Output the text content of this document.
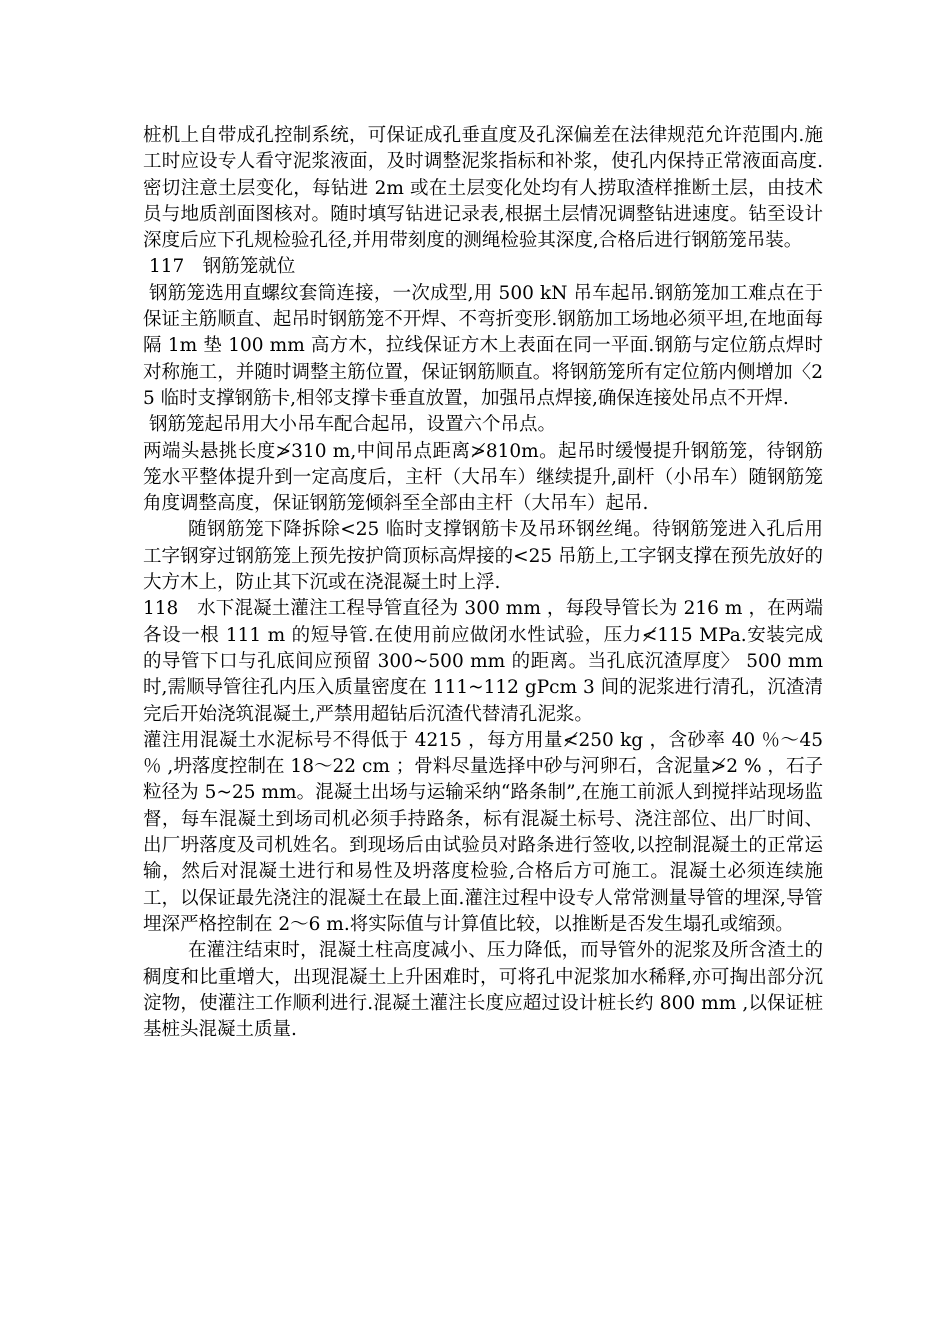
桩机上自带成孔控制系统，可保证成孔垂直度及孔深偏差在法律规范允许范围内.施工时应设专人看守泥浆液面，及时调整泥浆指标和补浆，使孔内保持正常液面高度.密切注意土层变化，每钻进 2m 或在土层变化处均有人捞取渣样推断土层，由技术员与地质剖面图核对。随时填写钻进记录表,根据土层情况调整钻进速度。钻至设计深度后应下孔规检验孔径,并用带刻度的测绳检验其深度,合格后进行钢筋笼吊装。

117　钢筋笼就位

钢筋笼选用直螺纹套筒连接，一次成型,用 500 kN 吊车起吊.钢筋笼加工难点在于保证主筋顺直、起吊时钢筋笼不开焊、不弯折变形.钢筋加工场地必须平坦,在地面每隔 1m 垫 100 mm 高方木，拉线保证方木上表面在同一平面.钢筋与定位筋点焊时对称施工，并随时调整主筋位置，保证钢筋顺直。将钢筋笼所有定位筋内侧增加〈25 临时支撑钢筋卡,相邻支撑卡垂直放置，加强吊点焊接,确保连接处吊点不开焊.

钢筋笼起吊用大小吊车配合起吊，设置六个吊点。

两端头悬挑长度≯310 m,中间吊点距离≯810m。起吊时缓慢提升钢筋笼，待钢筋笼水平整体提升到一定高度后，主杆（大吊车）继续提升,副杆（小吊车）随钢筋笼角度调整高度，保证钢筋笼倾斜至全部由主杆（大吊车）起吊.

随钢筋笼下降拆除<25 临时支撑钢筋卡及吊环钢丝绳。待钢筋笼进入孔后用工字钢穿过钢筋笼上预先按护筒顶标高焊接的<25 吊筋上,工字钢支撑在预先放好的大方木上，防止其下沉或在浇混凝土时上浮.

118　水下混凝土灌注工程导管直径为 300 mm ，每段导管长为 216 m ，在两端各设一根 111 m 的短导管.在使用前应做闭水性试验，压力≮115 MPa.安装完成的导管下口与孔底间应预留 300~500 mm 的距离。当孔底沉渣厚度〉 500 mm 时,需顺导管往孔内压入质量密度在 111~112 gPcm 3 间的泥浆进行清孔，沉渣清完后开始浇筑混凝土,严禁用超钻后沉渣代替清孔泥浆。

灌注用混凝土水泥标号不得低于 4215 ，每方用量≮250 kg ，含砂率 40 ％～45 ％ ,坍落度控制在 18～22 cm ；骨料尽量选择中砂与河卵石，含泥量≯2 % ，石子粒径为 5~25 mm。混凝土出场与运输采纳“路条制”,在施工前派人到搅拌站现场监督，每车混凝土到场司机必须手持路条，标有混凝土标号、浇注部位、出厂时间、出厂坍落度及司机姓名。到现场后由试验员对路条进行签收,以控制混凝土的正常运输，然后对混凝土进行和易性及坍落度检验,合格后方可施工。混凝土必须连续施工，以保证最先浇注的混凝土在最上面.灌注过程中设专人常常测量导管的埋深,导管埋深严格控制在 2～6 m.将实际值与计算值比较，以推断是否发生塌孔或缩颈。

在灌注结束时，混凝土柱高度减小、压力降低，而导管外的泥浆及所含渣土的稠度和比重增大，出现混凝土上升困难时，可将孔中泥浆加水稀释,亦可掏出部分沉淀物，使灌注工作顺利进行.混凝土灌注长度应超过设计桩长约 800 mm ,以保证桩基桩头混凝土质量.
